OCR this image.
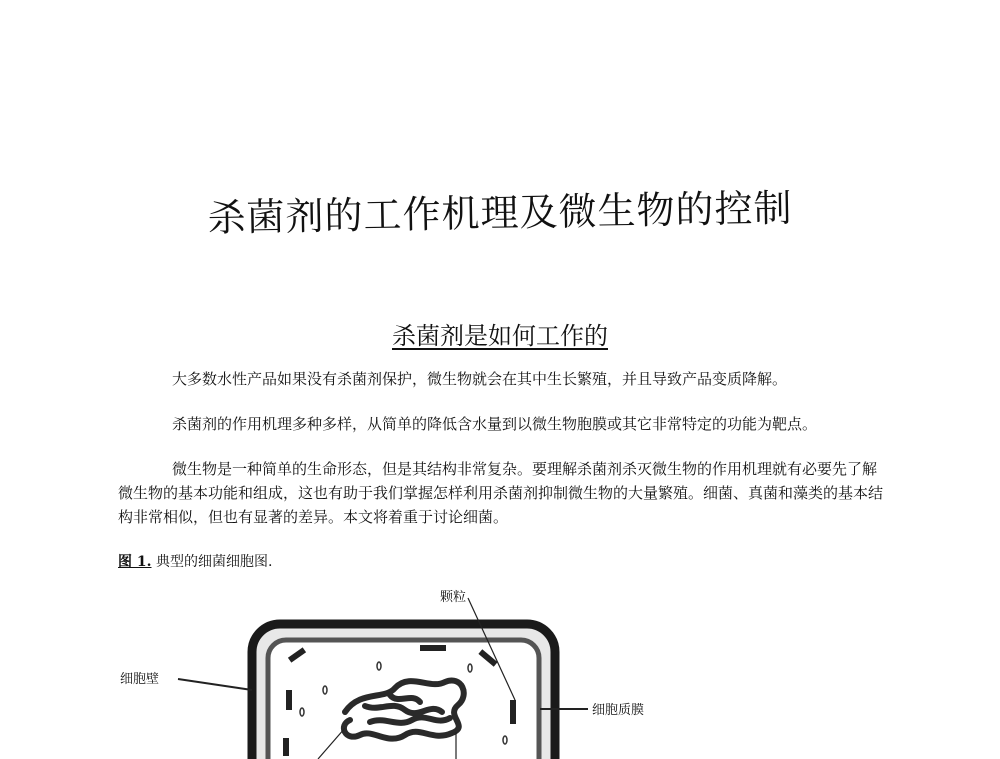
杀菌剂的工作机理及微生物的控制
杀菌剂是如何工作的
大多数水性产品如果没有杀菌剂保护，微生物就会在其中生长繁殖，并且导致产品变质降解。
杀菌剂的作用机理多种多样，从简单的降低含水量到以微生物胞膜或其它非常特定的功能为靶点。
微生物是一种简单的生命形态，但是其结构非常复杂。要理解杀菌剂杀灭微生物的作用机理就有必要先了解微生物的基本功能和组成，这也有助于我们掌握怎样利用杀菌剂抑制微生物的大量繁殖。细菌、真菌和藻类的基本结构非常相似，但也有显著的差异。本文将着重于讨论细菌。
图 1. 典型的细菌细胞图.
颗粒
细胞壁
细胞质膜
